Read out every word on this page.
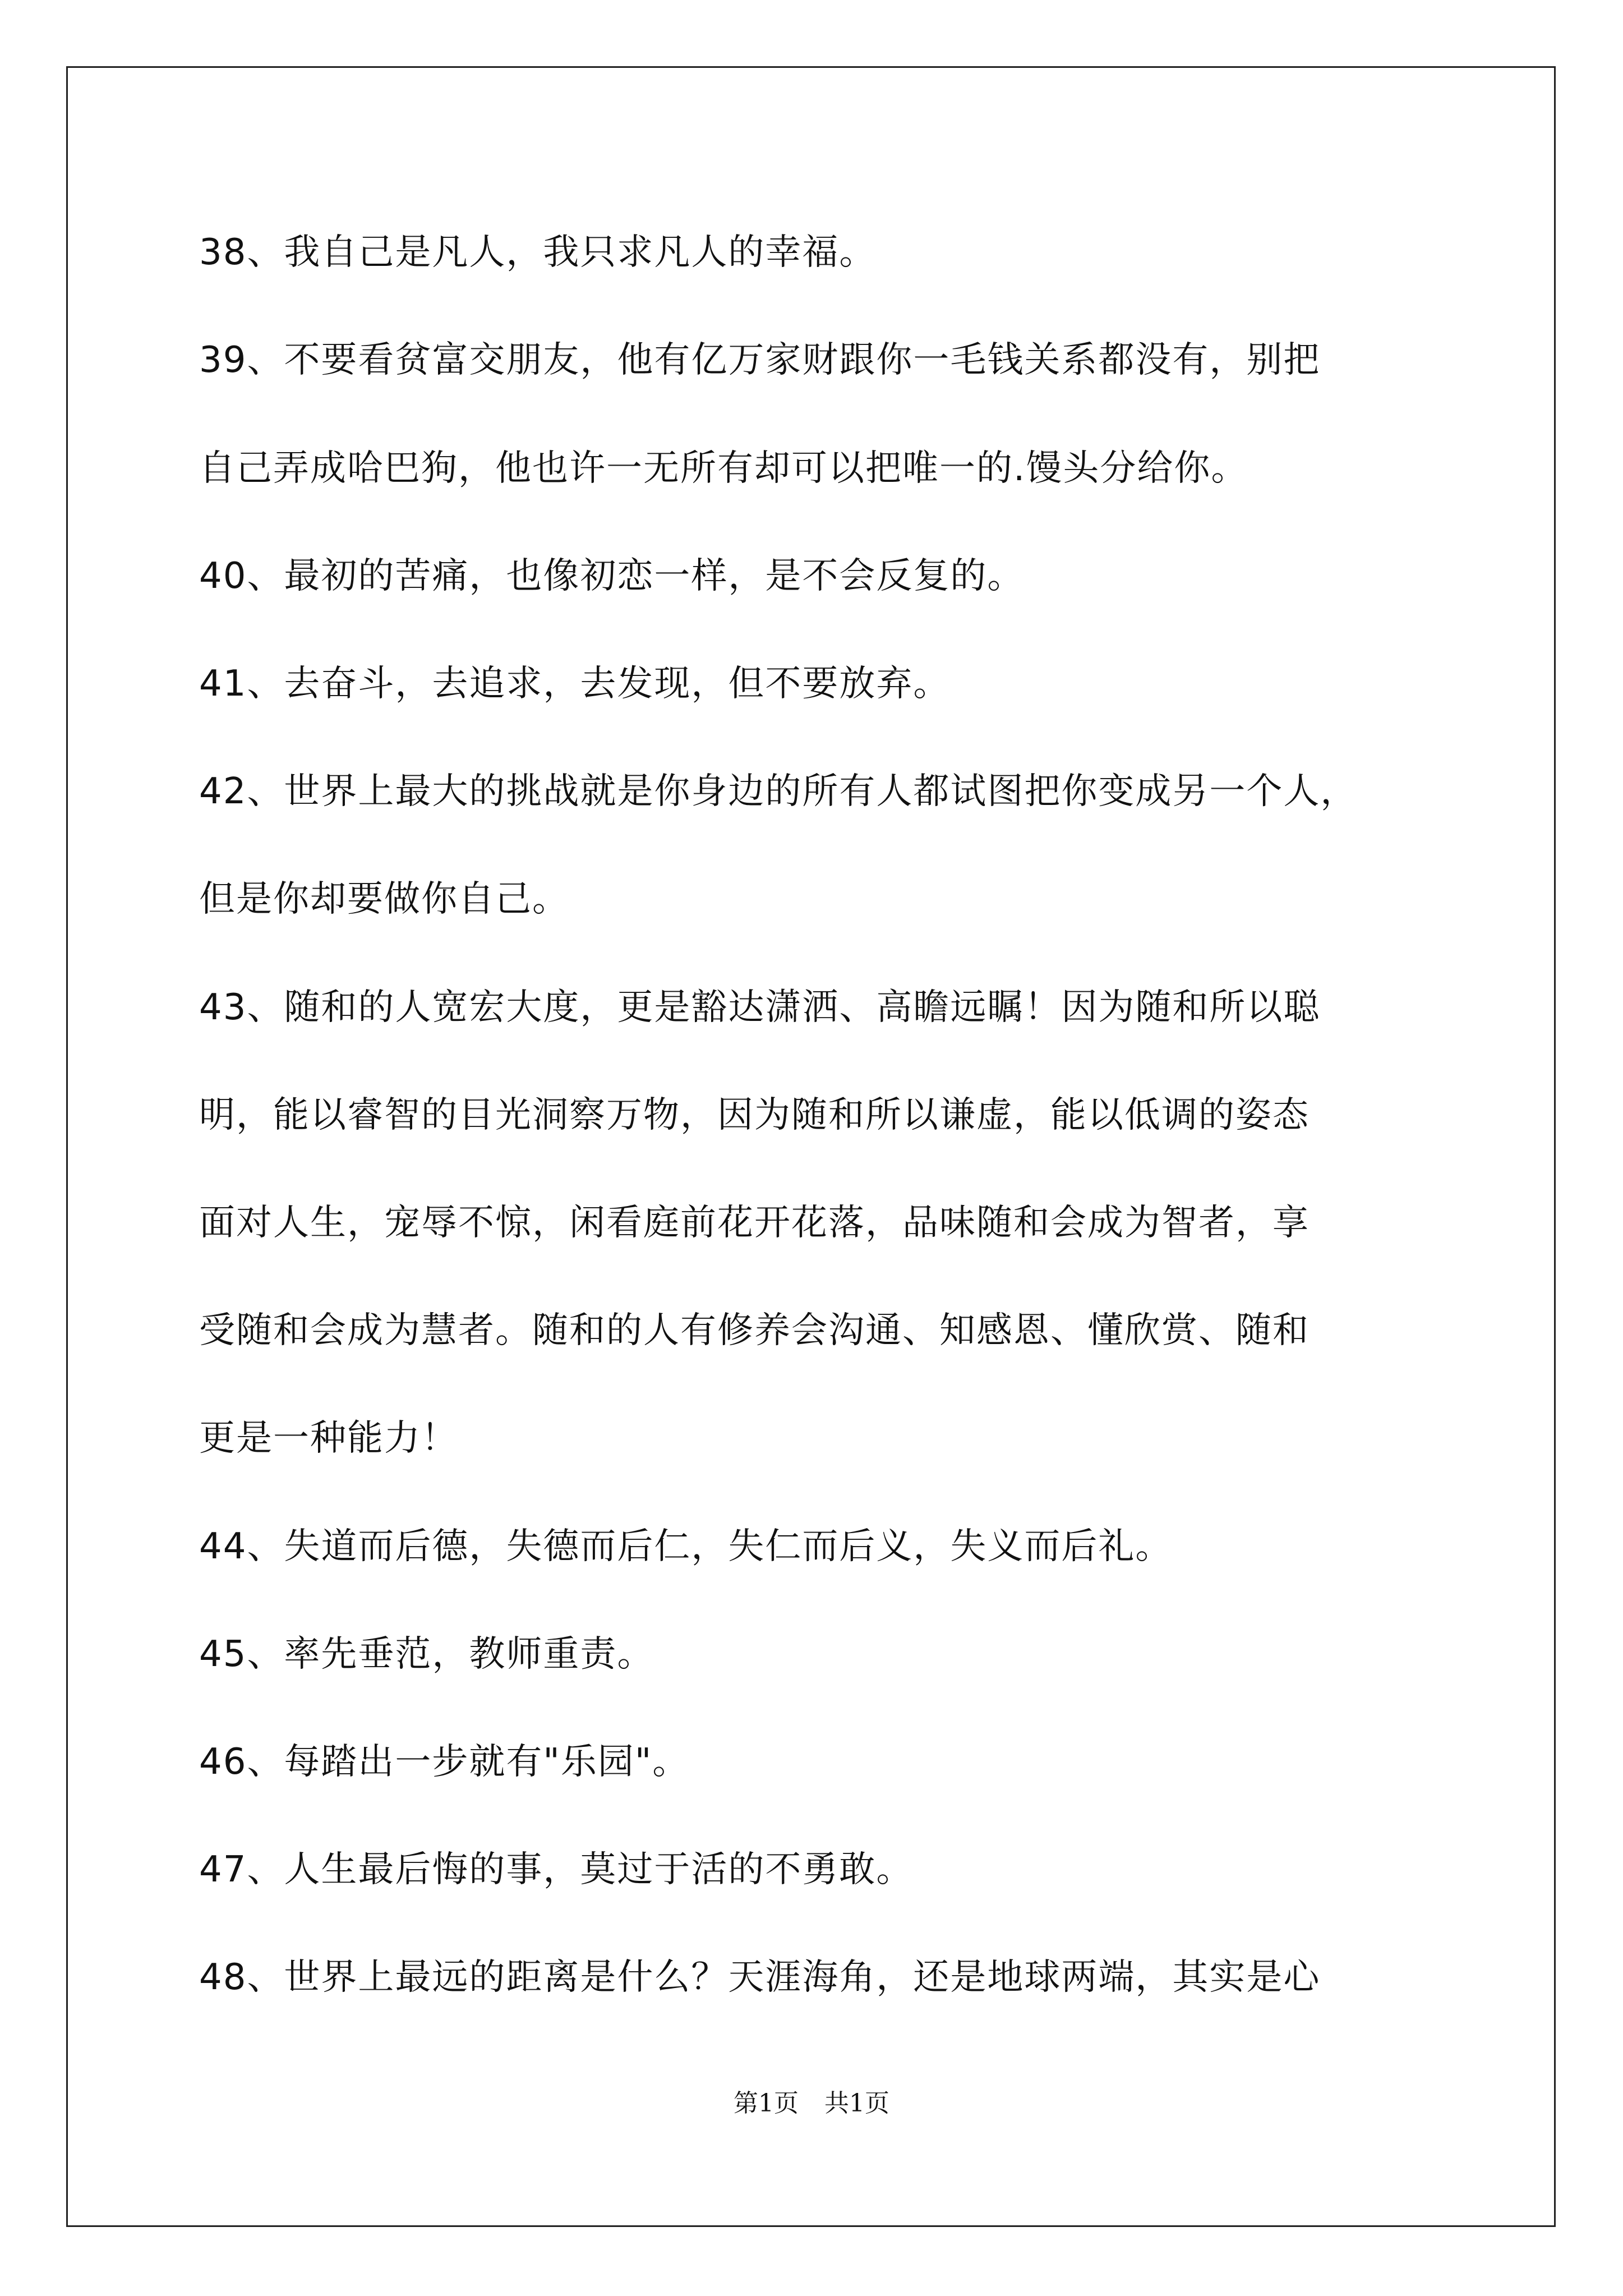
38、我自己是凡人，我只求凡人的幸福。
39、不要看贫富交朋友，他有亿万家财跟你一毛钱关系都没有，别把
自己弄成哈巴狗，他也许一无所有却可以把唯一的.馒头分给你。
40、最初的苦痛，也像初恋一样，是不会反复的。
41、去奋斗，去追求，去发现，但不要放弃。
42、世界上最大的挑战就是你身边的所有人都试图把你变成另一个人，
但是你却要做你自己。
43、随和的人宽宏大度，更是豁达潇洒、高瞻远瞩！因为随和所以聪
明，能以睿智的目光洞察万物，因为随和所以谦虚，能以低调的姿态
面对人生，宠辱不惊，闲看庭前花开花落，品味随和会成为智者，享
受随和会成为慧者。随和的人有修养会沟通、知感恩、懂欣赏、随和
更是一种能力！
44、失道而后德，失德而后仁，失仁而后义，失义而后礼。
45、率先垂范，教师重责。
46、每踏出一步就有"乐园"。
47、人生最后悔的事，莫过于活的不勇敢。
48、世界上最远的距离是什么？天涯海角，还是地球两端，其实是心
第1页 共1页
